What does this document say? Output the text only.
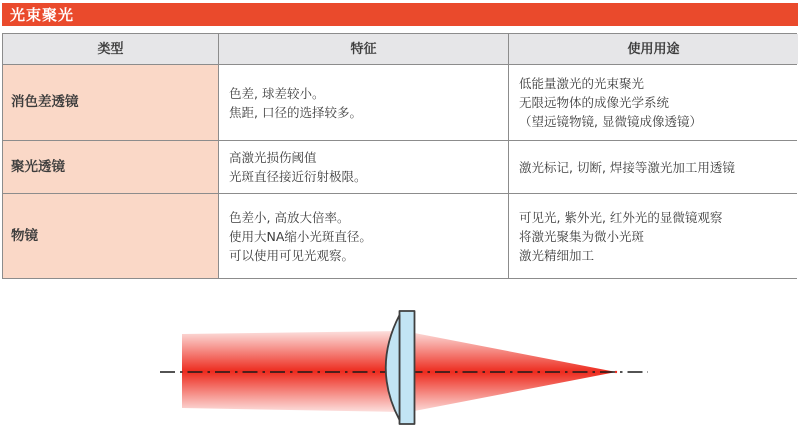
光束聚光
类型	特征	使用用途
消色差透镜
色差, 球差较小。
焦距, 口径的选择较多。
低能量激光的光束聚光
无限远物体的成像光学系统
（望远镜物镜, 显微镜成像透镜）
聚光透镜
高激光损伤阈值
光斑直径接近衍射极限。
激光标记, 切断, 焊接等激光加工用透镜
物镜
色差小, 高放大倍率。
使用大NA缩小光斑直径。
可以使用可见光观察。
可见光, 紫外光, 红外光的显微镜观察
将激光聚集为微小光斑
激光精细加工
